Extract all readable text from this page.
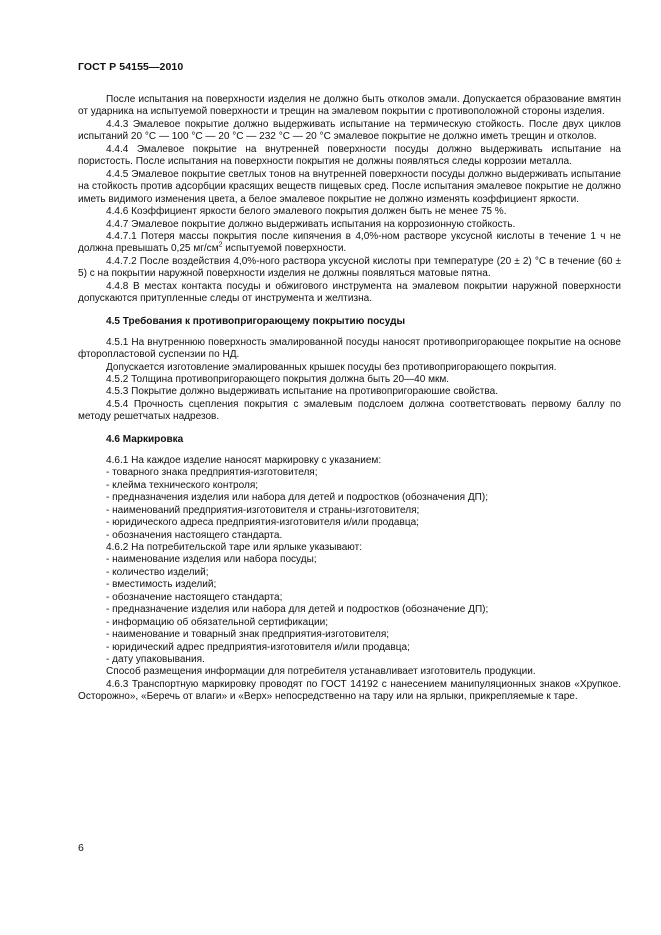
ГОСТ Р 54155—2010

После испытания на поверхности изделия не должно быть отколов эмали. Допускается образование вмятин от ударника на испытуемой поверхности и трещин на эмалевом покрытии с противоположной стороны изделия.

4.4.3 Эмалевое покрытие должно выдерживать испытание на термическую стойкость. После двух циклов испытаний 20 °С — 100 °С — 20 °С — 232 °С — 20 °С эмалевое покрытие не должно иметь трещин и отколов.

4.4.4 Эмалевое покрытие на внутренней поверхности посуды должно выдерживать испытание на пористость. После испытания на поверхности покрытия не должны появляться следы коррозии металла.

4.4.5 Эмалевое покрытие светлых тонов на внутренней поверхности посуды должно выдерживать испытание на стойкость против адсорбции красящих веществ пищевых сред. После испытания эмалевое покрытие не должно иметь видимого изменения цвета, а белое эмалевое покрытие не должно изменять коэффициент яркости.

4.4.6 Коэффициент яркости белого эмалевого покрытия должен быть не менее 75 %.

4.4.7 Эмалевое покрытие должно выдерживать испытания на коррозионную стойкость.

4.4.7.1 Потеря массы покрытия после кипячения в 4,0%-ном растворе уксусной кислоты в течение 1 ч не должна превышать 0,25 $мг/см^2$ испытуемой поверхности.

4.4.7.2 После воздействия 4,0%-ного раствора уксусной кислоты при температуре (20 ± 2) °С в течение (60 ± 5) с на покрытии наружной поверхности изделия не должны появляться матовые пятна.

4.4.8 В местах контакта посуды и обжигового инструмента на эмалевом покрытии наружной поверхности допускаются притупленные следы от инструмента и желтизна.

4.5 Требования к противопригорающему покрытию посуды

4.5.1 На внутреннюю поверхность эмалированной посуды наносят противопригорающее покрытие на основе фторопластовой суспензии по НД.

Допускается изготовление эмалированных крышек посуды без противопригорающего покрытия.

4.5.2 Толщина противопригорающего покрытия должна быть 20—40 мкм.

4.5.3 Покрытие должно выдерживать испытание на противопригораюшие свойства.

4.5.4 Прочность сцепления покрытия с эмалевым подслоем должна соответствовать первому баллу по методу решетчатых надрезов.

4.6 Маркировка

4.6.1 На каждое изделие наносят маркировку с указанием:

- товарного знака предприятия-изготовителя;

- клейма технического контроля;

- предназначения изделия или набора для детей и подростков (обозначения ДП);

- наименований предприятия-изготовителя и страны-изготовителя;

- юридического адреса предприятия-изготовителя и/или продавца;

- обозначения настоящего стандарта.

4.6.2 На потребительской таре или ярлыке указывают:

- наименование изделия или набора посуды;

- количество изделий;

- вместимость изделий;

- обозначение настоящего стандарта;

- предназначение изделия или набора для детей и подростков (обозначение ДП);

- информацию об обязательной сертификации;

- наименование и товарный знак предприятия-изготовителя;

- юридический адрес предприятия-изготовителя и/или продавца;

- дату упаковывания.

Способ размещения информации для потребителя устанавливает изготовитель продукции.

4.6.3 Транспортную маркировку проводят по ГОСТ 14192 с нанесением манипуляционных знаков «Хрупкое. Осторожно», «Беречь от влаги» и «Верх» непосредственно на тару или на ярлыки, прикрепляемые к таре.

6
